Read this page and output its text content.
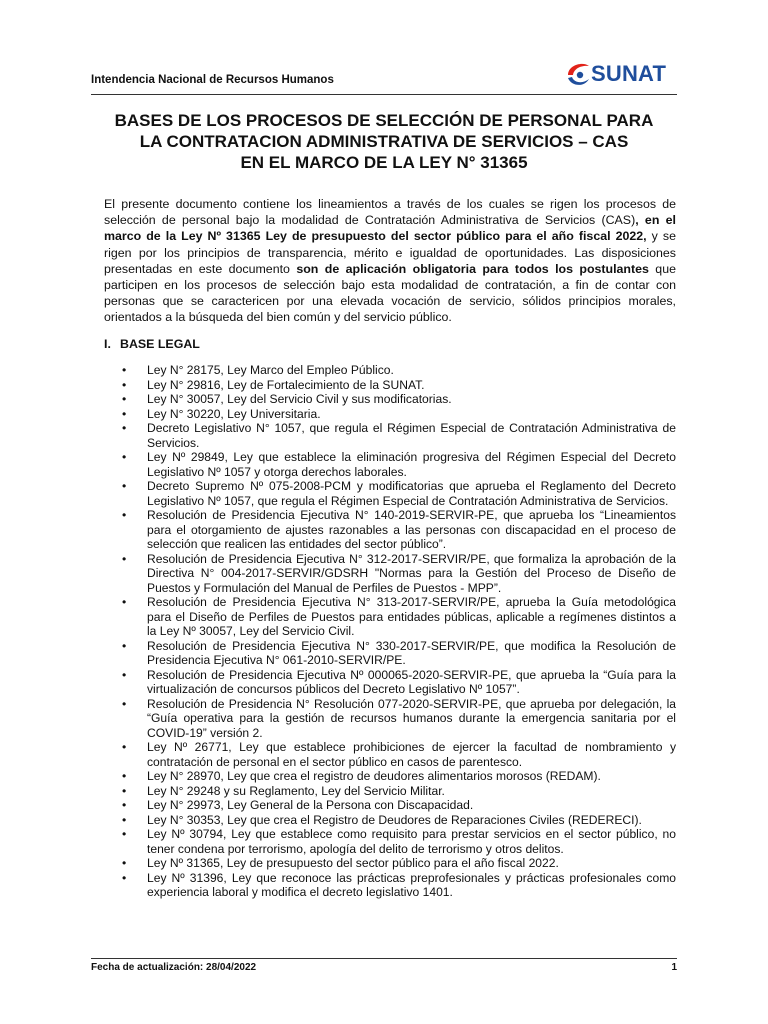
Intendencia Nacional de Recursos Humanos	SUNAT
BASES DE LOS PROCESOS DE SELECCIÓN DE PERSONAL PARA
LA CONTRATACION ADMINISTRATIVA DE SERVICIOS – CAS
EN EL MARCO DE LA LEY N° 31365
El presente documento contiene los lineamientos a través de los cuales se rigen los procesos de selección de personal bajo la modalidad de Contratación Administrativa de Servicios (CAS), en el marco de la Ley Nº 31365 Ley de presupuesto del sector público para el año fiscal 2022, y se rigen por los principios de transparencia, mérito e igualdad de oportunidades. Las disposiciones presentadas en este documento son de aplicación obligatoria para todos los postulantes que participen en los procesos de selección bajo esta modalidad de contratación, a fin de contar con personas que se caractericen por una elevada vocación de servicio, sólidos principios morales, orientados a la búsqueda del bien común y del servicio público.
I. BASE LEGAL
• Ley N° 28175, Ley Marco del Empleo Público.
• Ley N° 29816, Ley de Fortalecimiento de la SUNAT.
• Ley N° 30057, Ley del Servicio Civil y sus modificatorias.
• Ley N° 30220, Ley Universitaria.
• Decreto Legislativo N° 1057, que regula el Régimen Especial de Contratación Administrativa de Servicios.
• Ley Nº 29849, Ley que establece la eliminación progresiva del Régimen Especial del Decreto Legislativo Nº 1057 y otorga derechos laborales.
• Decreto Supremo Nº 075-2008-PCM y modificatorias que aprueba el Reglamento del Decreto Legislativo Nº 1057, que regula el Régimen Especial de Contratación Administrativa de Servicios.
• Resolución de Presidencia Ejecutiva N° 140-2019-SERVIR-PE, que aprueba los “Lineamientos para el otorgamiento de ajustes razonables a las personas con discapacidad en el proceso de selección que realicen las entidades del sector público”.
• Resolución de Presidencia Ejecutiva N° 312-2017-SERVIR/PE, que formaliza la aprobación de la Directiva N° 004-2017-SERVIR/GDSRH "Normas para la Gestión del Proceso de Diseño de Puestos y Formulación del Manual de Perfiles de Puestos - MPP”.
• Resolución de Presidencia Ejecutiva N° 313-2017-SERVIR/PE, aprueba la Guía metodológica para el Diseño de Perfiles de Puestos para entidades públicas, aplicable a regímenes distintos a la Ley Nº 30057, Ley del Servicio Civil.
• Resolución de Presidencia Ejecutiva N° 330-2017-SERVIR/PE, que modifica la Resolución de Presidencia Ejecutiva N° 061-2010-SERVIR/PE.
• Resolución de Presidencia Ejecutiva Nº 000065-2020-SERVIR-PE, que aprueba la “Guía para la virtualización de concursos públicos del Decreto Legislativo Nº 1057”.
• Resolución de Presidencia N° Resolución 077-2020-SERVIR-PE, que aprueba por delegación, la “Guía operativa para la gestión de recursos humanos durante la emergencia sanitaria por el COVID-19” versión 2.
• Ley Nº 26771, Ley que establece prohibiciones de ejercer la facultad de nombramiento y contratación de personal en el sector público en casos de parentesco.
• Ley N° 28970, Ley que crea el registro de deudores alimentarios morosos (REDAM).
• Ley N° 29248 y su Reglamento, Ley del Servicio Militar.
• Ley N° 29973, Ley General de la Persona con Discapacidad.
• Ley N° 30353, Ley que crea el Registro de Deudores de Reparaciones Civiles (REDERECI).
• Ley Nº 30794, Ley que establece como requisito para prestar servicios en el sector público, no tener condena por terrorismo, apología del delito de terrorismo y otros delitos.
• Ley Nº 31365, Ley de presupuesto del sector público para el año fiscal 2022.
• Ley Nº 31396, Ley que reconoce las prácticas preprofesionales y prácticas profesionales como experiencia laboral y modifica el decreto legislativo 1401.
Fecha de actualización: 28/04/2022	1
